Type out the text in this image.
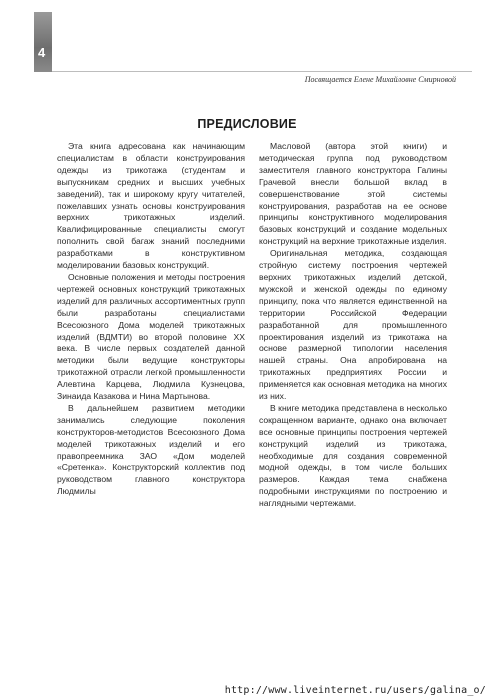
4
Посвящается Елене Михайловне Смирновой
ПРЕДИСЛОВИЕ

Эта книга адресована как начинающим специалистам в области конструирования одежды из трикотажа (студентам и выпускникам средних и высших учебных заведений), так и широкому кругу читателей, пожелавших узнать основы конструирования верхних трикотажных изделий. Квалифицированные специалисты смогут пополнить свой багаж знаний последними разработками в конструктивном моделировании базовых конструкций.

Основные положения и методы построения чертежей основных конструкций трикотажных изделий для различных ассортиментных групп были разработаны специалистами Всесоюзного Дома моделей трикотажных изделий (ВДМТИ) во второй половине XX века. В числе первых создателей данной методики были ведущие конструкторы трикотажной отрасли легкой промышленности Алевтина Карцева, Людмила Кузнецова, Зинаида Казакова и Нина Мартынова.

В дальнейшем развитием методики занимались следующие поколения конструкторов-методистов Всесоюзного Дома моделей трикотажных изделий и его правопреемника ЗАО «Дом моделей «Сретенка». Конструкторский коллектив под руководством главного конструктора Людмилы

Масловой (автора этой книги) и методическая группа под руководством заместителя главного конструктора Галины Грачевой внесли большой вклад в совершенствование этой системы конструирования, разработав на ее основе принципы конструктивного моделирования базовых конструкций и создание модельных конструкций на верхние трикотажные изделия.

Оригинальная методика, создающая стройную систему построения чертежей верхних трикотажных изделий детской, мужской и женской одежды по единому принципу, пока что является единственной на территории Российской Федерации разработанной для промышленного проектирования изделий из трикотажа на основе размерной типологии населения нашей страны. Она апробирована на трикотажных предприятиях России и применяется как основная методика на многих из них.

В книге методика представлена в несколько сокращенном варианте, однако она включает все основные принципы построения чертежей конструкций изделий из трикотажа, необходимые для создания современной модной одежды, в том числе больших размеров. Каждая тема снабжена подробными инструкциями по построению и наглядными чертежами.

http://www.liveinternet.ru/users/galina_o/
